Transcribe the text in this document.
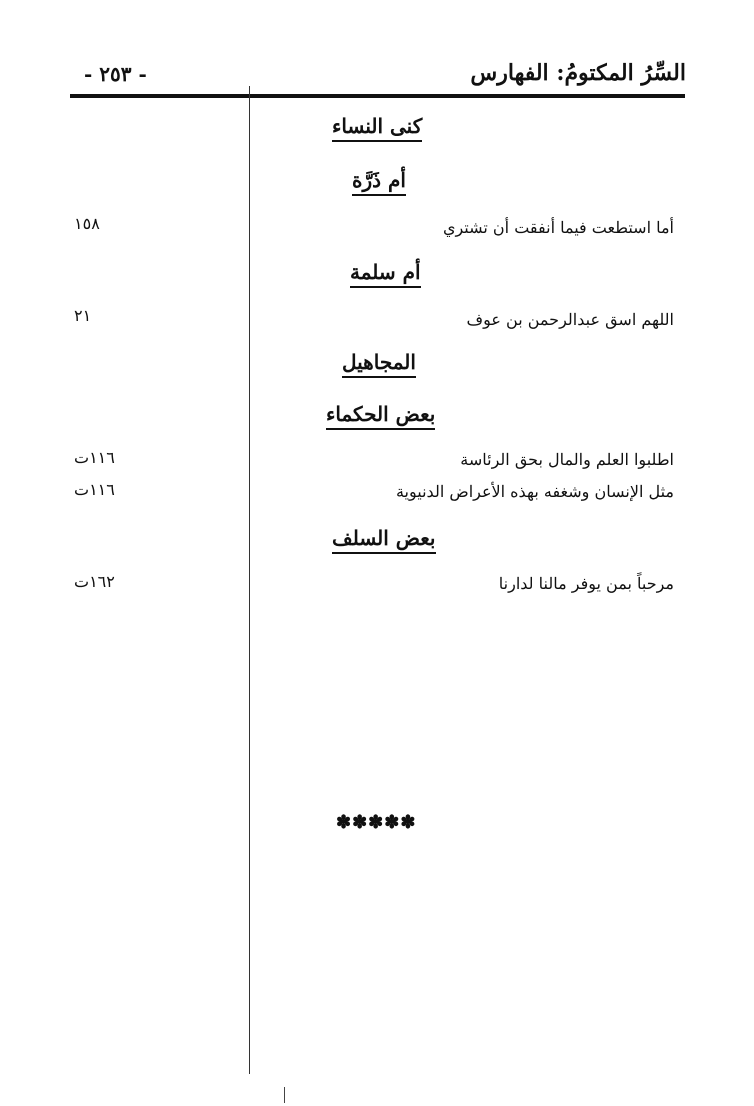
السِّرُ المكتومُ: الفهارس
- ٢٥٣ -
كنى النساء
أم ذَرَّة
أما استطعت فيما أنفقت أن تشتري
١٥٨
أم سلمة
اللهم اسق عبدالرحمن بن عوف
٢١
المجاهيل
بعض الحكماء
اطلبوا العلم والمال بحق الرئاسة
١١٦ت
مثل الإنسان وشغفه بهذه الأعراض الدنيوية
١١٦ت
بعض السلف
مرحباً بمن يوفر مالنا لدارنا
١٦٢ت
✽✽✽✽✽
